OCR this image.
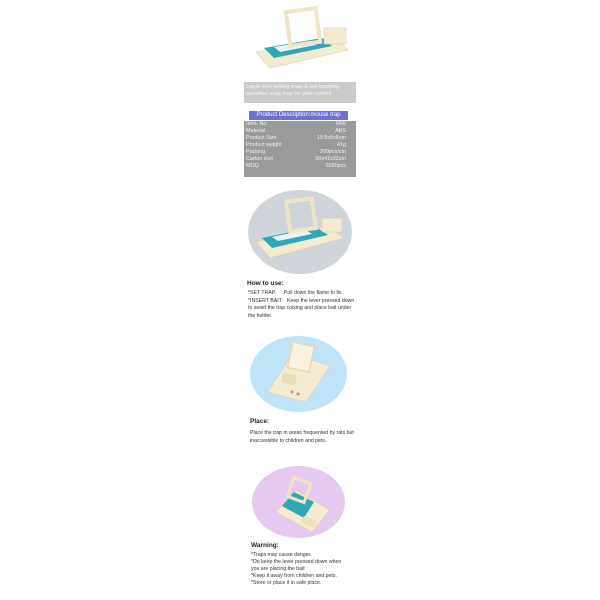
Large size selling snap E-set trapping
sensitive snap trap for pest control
Product Description:mouse trap
Item. No	M06
Material	ABS
Product Size	10.5x5x6cm
Product weight	41g
Packing	200pcs/ctn
Carton size	50x41x32cm
MOQ	5000pcs
How to use:
*SET TRAP: Pull down the flame to fix.
*INSERT BAIT: Keep the lever pressed down
to avoid the trap colsing and place bait under
the holder.
Place:
Place the trap in areas frequented by rats but
inaccessible to children and pets.
Warning:
*Traps may cause danger.
*Do keep the lever pressed down when
you are placing the bait
*Keep it away from children and pets.
*Store or place it in safe place.
